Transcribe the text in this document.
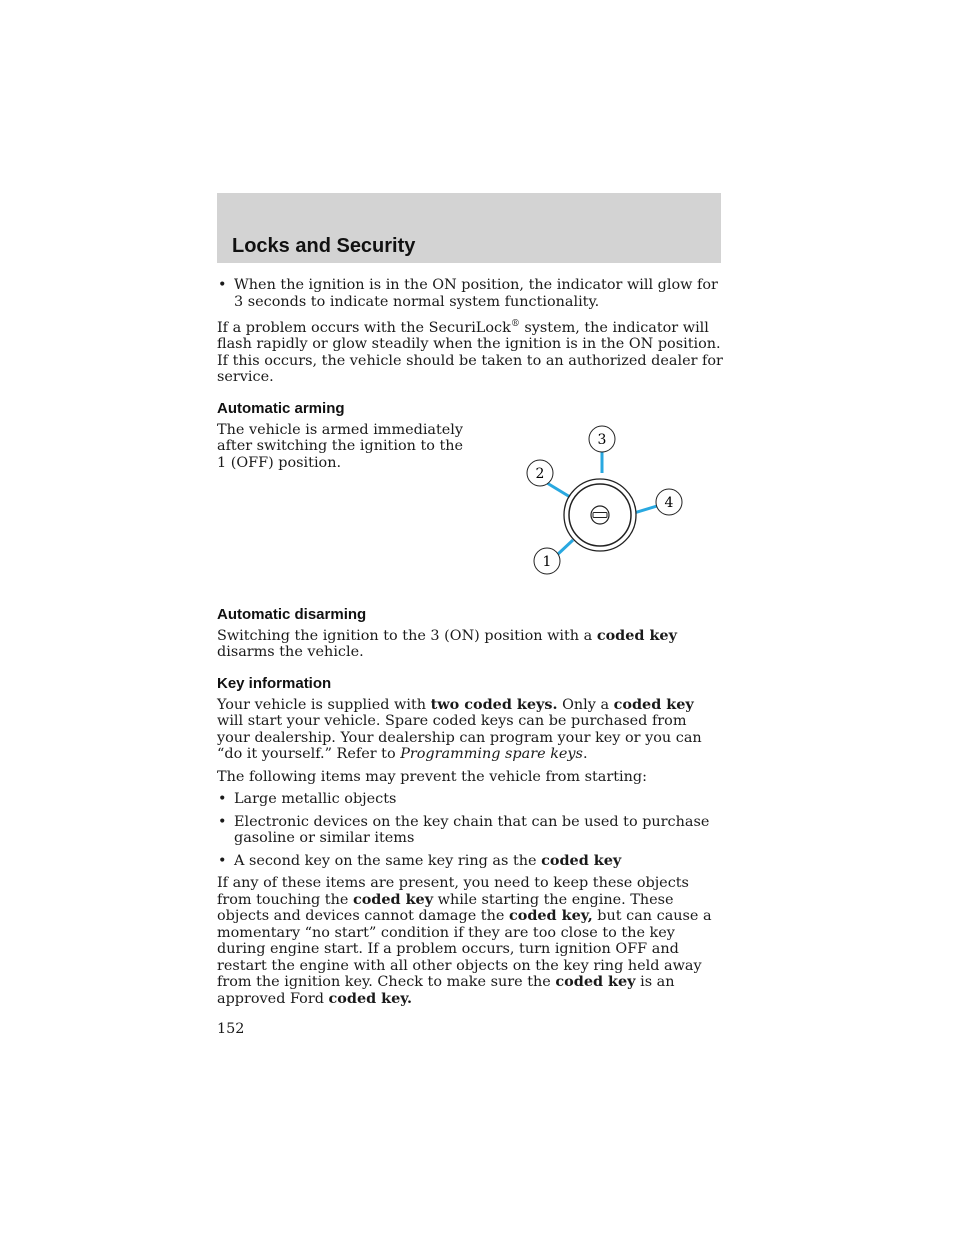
Locks and Security
• When the ignition is in the ON position, the indicator will glow for 3 seconds to indicate normal system functionality.

If a problem occurs with the SecuriLock® system, the indicator will flash rapidly or glow steadily when the ignition is in the ON position. If this occurs, the vehicle should be taken to an authorized dealer for service.

Automatic arming

The vehicle is armed immediately after switching the ignition to the 1 (OFF) position.

3
2
4
1
Automatic disarming

Switching the ignition to the 3 (ON) position with a coded key disarms the vehicle.

Key information

Your vehicle is supplied with two coded keys. Only a coded key will start your vehicle. Spare coded keys can be purchased from your dealership. Your dealership can program your key or you can “do it yourself.” Refer to Programming spare keys.

The following items may prevent the vehicle from starting:

• Large metallic objects
• Electronic devices on the key chain that can be used to purchase gasoline or similar items
• A second key on the same key ring as the coded key

If any of these items are present, you need to keep these objects from touching the coded key while starting the engine. These objects and devices cannot damage the coded key, but can cause a momentary “no start” condition if they are too close to the key during engine start. If a problem occurs, turn ignition OFF and restart the engine with all other objects on the key ring held away from the ignition key. Check to make sure the coded key is an approved Ford coded key.

152
